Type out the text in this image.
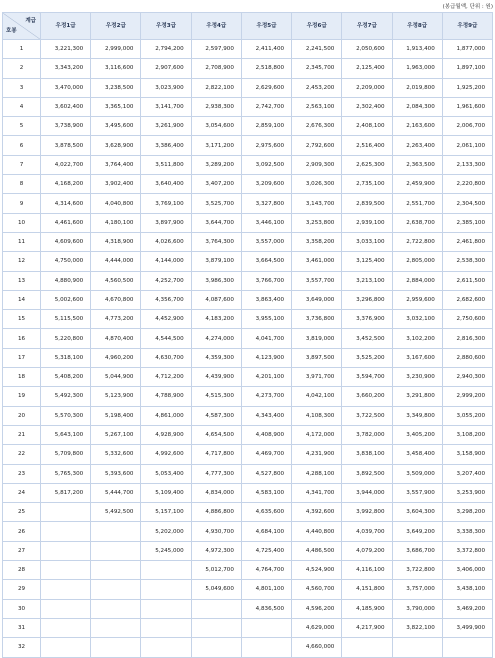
(봉급월액, 단위 : 원)
계급
호봉	우정1급	우정2급	우정3급	우정4급	우정5급	우정6급	우정7급	우정8급	우정9급
1	3,221,300	2,999,000	2,794,200	2,597,900	2,411,400	2,241,500	2,050,600	1,913,400	1,877,000
2	3,343,200	3,116,600	2,907,600	2,708,900	2,518,800	2,345,700	2,125,400	1,963,000	1,897,100
3	3,470,000	3,238,500	3,023,900	2,822,100	2,629,600	2,453,200	2,209,000	2,019,800	1,925,200
4	3,602,400	3,365,100	3,141,700	2,938,300	2,742,700	2,563,100	2,302,400	2,084,300	1,961,600
5	3,738,900	3,495,600	3,261,900	3,054,600	2,859,100	2,676,300	2,408,100	2,163,600	2,006,700
6	3,878,500	3,628,900	3,386,400	3,171,200	2,975,600	2,792,600	2,516,400	2,263,400	2,061,100
7	4,022,700	3,764,400	3,511,800	3,289,200	3,092,500	2,909,300	2,625,300	2,363,500	2,133,300
8	4,168,200	3,902,400	3,640,400	3,407,200	3,209,600	3,026,300	2,735,100	2,459,900	2,220,800
9	4,314,600	4,040,800	3,769,100	3,525,700	3,327,800	3,143,700	2,839,500	2,551,700	2,304,500
10	4,461,600	4,180,100	3,897,900	3,644,700	3,446,100	3,253,800	2,939,100	2,638,700	2,385,100
11	4,609,600	4,318,900	4,026,600	3,764,300	3,557,000	3,358,200	3,033,100	2,722,800	2,461,800
12	4,750,000	4,444,000	4,144,000	3,879,100	3,664,500	3,461,000	3,125,400	2,805,000	2,538,300
13	4,880,900	4,560,500	4,252,700	3,986,300	3,766,700	3,557,700	3,213,100	2,884,000	2,611,500
14	5,002,600	4,670,800	4,356,700	4,087,600	3,863,400	3,649,000	3,296,800	2,959,600	2,682,600
15	5,115,500	4,773,200	4,452,900	4,183,200	3,955,100	3,736,800	3,376,900	3,032,100	2,750,600
16	5,220,800	4,870,400	4,544,500	4,274,000	4,041,700	3,819,000	3,452,500	3,102,200	2,816,300
17	5,318,100	4,960,200	4,630,700	4,359,300	4,123,900	3,897,500	3,525,200	3,167,600	2,880,600
18	5,408,200	5,044,900	4,712,200	4,439,900	4,201,100	3,971,700	3,594,700	3,230,900	2,940,300
19	5,492,300	5,123,900	4,788,900	4,515,300	4,273,700	4,042,100	3,660,200	3,291,800	2,999,200
20	5,570,300	5,198,400	4,861,000	4,587,300	4,343,400	4,108,300	3,722,500	3,349,800	3,055,200
21	5,643,100	5,267,100	4,928,900	4,654,500	4,408,900	4,172,000	3,782,000	3,405,200	3,108,200
22	5,709,800	5,332,600	4,992,600	4,717,800	4,469,700	4,231,900	3,838,100	3,458,400	3,158,900
23	5,765,300	5,393,600	5,053,400	4,777,300	4,527,800	4,288,100	3,892,500	3,509,000	3,207,400
24	5,817,200	5,444,700	5,109,400	4,834,000	4,583,100	4,341,700	3,944,000	3,557,900	3,253,900
25		5,492,500	5,157,100	4,886,800	4,635,600	4,392,600	3,992,800	3,604,300	3,298,200
26			5,202,000	4,930,700	4,684,100	4,440,800	4,039,700	3,649,200	3,338,300
27			5,245,000	4,972,300	4,725,400	4,486,500	4,079,200	3,686,700	3,372,800
28				5,012,700	4,764,700	4,524,900	4,116,100	3,722,800	3,406,000
29				5,049,600	4,801,100	4,560,700	4,151,800	3,757,000	3,438,100
30					4,836,500	4,596,200	4,185,900	3,790,000	3,469,200
31						4,629,000	4,217,900	3,822,100	3,499,900
32						4,660,000			
